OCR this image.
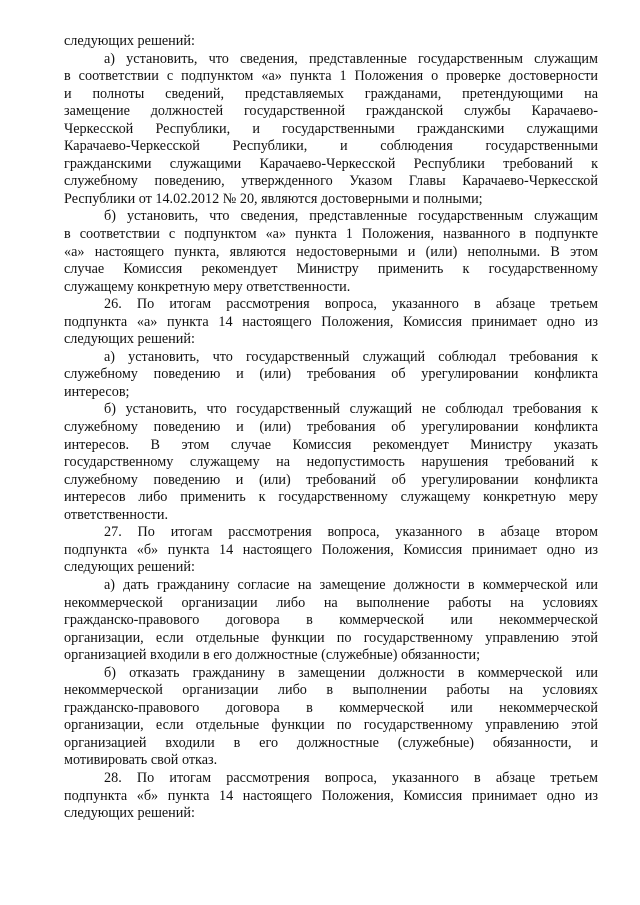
следующих решений:
а) установить, что сведения, представленные государственным служащим
в соответствии с подпунктом «а» пункта 1 Положения о проверке достоверности
и полноты сведений, представляемых гражданами, претендующими на
замещение должностей государственной гражданской службы Карачаево-
Черкесской Республики, и государственными гражданскими служащими
Карачаево-Черкесской Республики, и соблюдения государственными
гражданскими служащими Карачаево-Черкесской Республики требований к
служебному поведению, утвержденного Указом Главы Карачаево-Черкесской
Республики от 14.02.2012 № 20, являются достоверными и полными;
б) установить, что сведения, представленные государственным служащим
в соответствии с подпунктом «а» пункта 1 Положения, названного в подпункте
«а» настоящего пункта, являются недостоверными и (или) неполными. В этом
случае Комиссия рекомендует Министру применить к государственному
служащему конкретную меру ответственности.
26. По итогам рассмотрения вопроса, указанного в абзаце третьем
подпункта «а» пункта 14 настоящего Положения, Комиссия принимает одно из
следующих решений:
а) установить, что государственный служащий соблюдал требования к
служебному поведению и (или) требования об урегулировании конфликта
интересов;
б) установить, что государственный служащий не соблюдал требования к
служебному поведению и (или) требования об урегулировании конфликта
интересов. В этом случае Комиссия рекомендует Министру указать
государственному служащему на недопустимость нарушения требований к
служебному поведению и (или) требований об урегулировании конфликта
интересов либо применить к государственному служащему конкретную меру
ответственности.
27. По итогам рассмотрения вопроса, указанного в абзаце втором
подпункта «б» пункта 14 настоящего Положения, Комиссия принимает одно из
следующих решений:
а) дать гражданину согласие на замещение должности в коммерческой или
некоммерческой организации либо на выполнение работы на условиях
гражданско-правового договора в коммерческой или некоммерческой
организации, если отдельные функции по государственному управлению этой
организацией входили в его должностные (служебные) обязанности;
б) отказать гражданину в замещении должности в коммерческой или
некоммерческой организации либо в выполнении работы на условиях
гражданско-правового договора в коммерческой или некоммерческой
организации, если отдельные функции по государственному управлению этой
организацией входили в его должностные (служебные) обязанности, и
мотивировать свой отказ.
28. По итогам рассмотрения вопроса, указанного в абзаце третьем
подпункта «б» пункта 14 настоящего Положения, Комиссия принимает одно из
следующих решений:
